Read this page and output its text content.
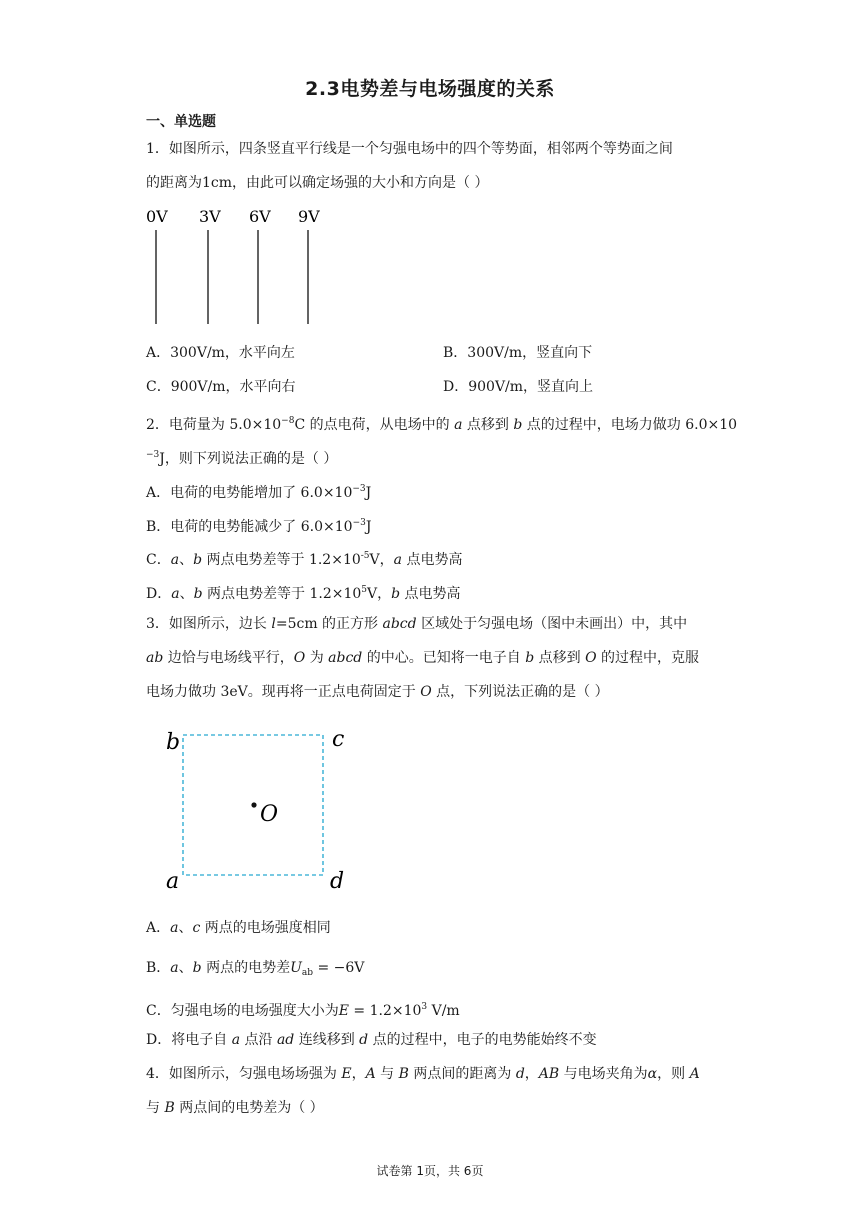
2.3电势差与电场强度的关系
一、单选题
1．如图所示，四条竖直平行线是一个匀强电场中的四个等势面，相邻两个等势面之间
的距离为1cm，由此可以确定场强的大小和方向是（ ）
0V 3V 6V 9V
A．300V/m，水平向左	B．300V/m，竖直向下
C．900V/m，水平向右	D．900V/m，竖直向上
2．电荷量为 $5.0\times 10^{-8}C$ 的点电荷，从电场中的 a 点移到 b 点的过程中，电场力做功 6.0×10
$^{-3}$J，则下列说法正确的是（ ）
A．电荷的电势能增加了 $6.0\times 10^{-3}J$
B．电荷的电势能减少了 $6.0\times 10^{-3}J$
C．a、b 两点电势差等于 $1.2\times 10^{-5}V$，a 点电势高
D．a、b 两点电势差等于 $1.2\times 10^5V$，b 点电势高
3．如图所示，边长 l=5cm 的正方形 abcd 区域处于匀强电场（图中未画出）中，其中
ab 边恰与电场线平行，O 为 abcd 的中心。已知将一电子自 b 点移到 O 的过程中，克服
电场力做功 3eV。现再将一正点电荷固定于 O 点，下列说法正确的是（ ）
b	c
a	d
O
A．a、c 两点的电场强度相同
B．a、b 两点的电势差$U_{ab} = -6V$
C．匀强电场的电场强度大小为$E = 1.2\times 10^3$ V/m
D．将电子自 a 点沿 ad 连线移到 d 点的过程中，电子的电势能始终不变
4．如图所示，匀强电场场强为 E，A 与 B 两点间的距离为 d，AB 与电场夹角为α，则 A
与 B 两点间的电势差为（ ）
试卷第 1页，共 6页
